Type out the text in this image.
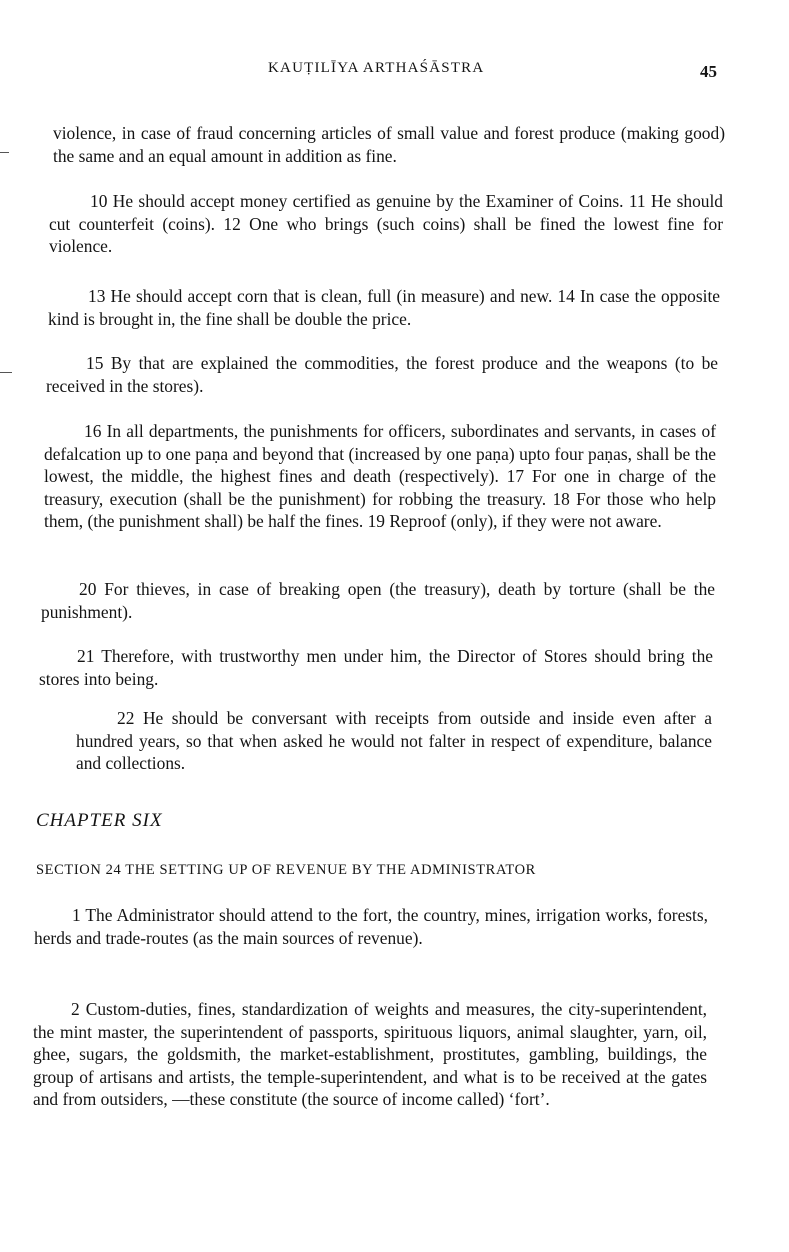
KAUṬILĪYA ARTHAŚĀSTRA	45

violence, in case of fraud concerning articles of small value and forest produce (making good) the same and an equal amount in addition as fine.

10 He should accept money certified as genuine by the Examiner of Coins. 11 He should cut counterfeit (coins). 12 One who brings (such coins) shall be fined the lowest fine for violence.

13 He should accept corn that is clean, full (in measure) and new. 14 In case the opposite kind is brought in, the fine shall be double the price.

15 By that are explained the commodities, the forest produce and the weapons (to be received in the stores).

16 In all departments, the punishments for officers, subordinates and servants, in cases of defalcation up to one paṇa and beyond that (increased by one paṇa) upto four paṇas, shall be the lowest, the middle, the highest fines and death (respectively). 17 For one in charge of the treasury, execution (shall be the punishment) for robbing the treasury. 18 For those who help them, (the punishment shall) be half the fines. 19 Reproof (only), if they were not aware.

20 For thieves, in case of breaking open (the treasury), death by torture (shall be the punishment).

21 Therefore, with trustworthy men under him, the Director of Stores should bring the stores into being.

22 He should be conversant with receipts from outside and inside even after a hundred years, so that when asked he would not falter in respect of expenditure, balance and collections.

CHAPTER SIX
SECTION 24 THE SETTING UP OF REVENUE BY THE ADMINISTRATOR

1 The Administrator should attend to the fort, the country, mines, irrigation works, forests, herds and trade-routes (as the main sources of revenue).

2 Custom-duties, fines, standardization of weights and measures, the city-superintendent, the mint master, the superintendent of passports, spirituous liquors, animal slaughter, yarn, oil, ghee, sugars, the goldsmith, the market-establishment, prostitutes, gambling, buildings, the group of artisans and artists, the temple-superintendent, and what is to be received at the gates and from outsiders, —these constitute (the source of income called) ‘fort’.
